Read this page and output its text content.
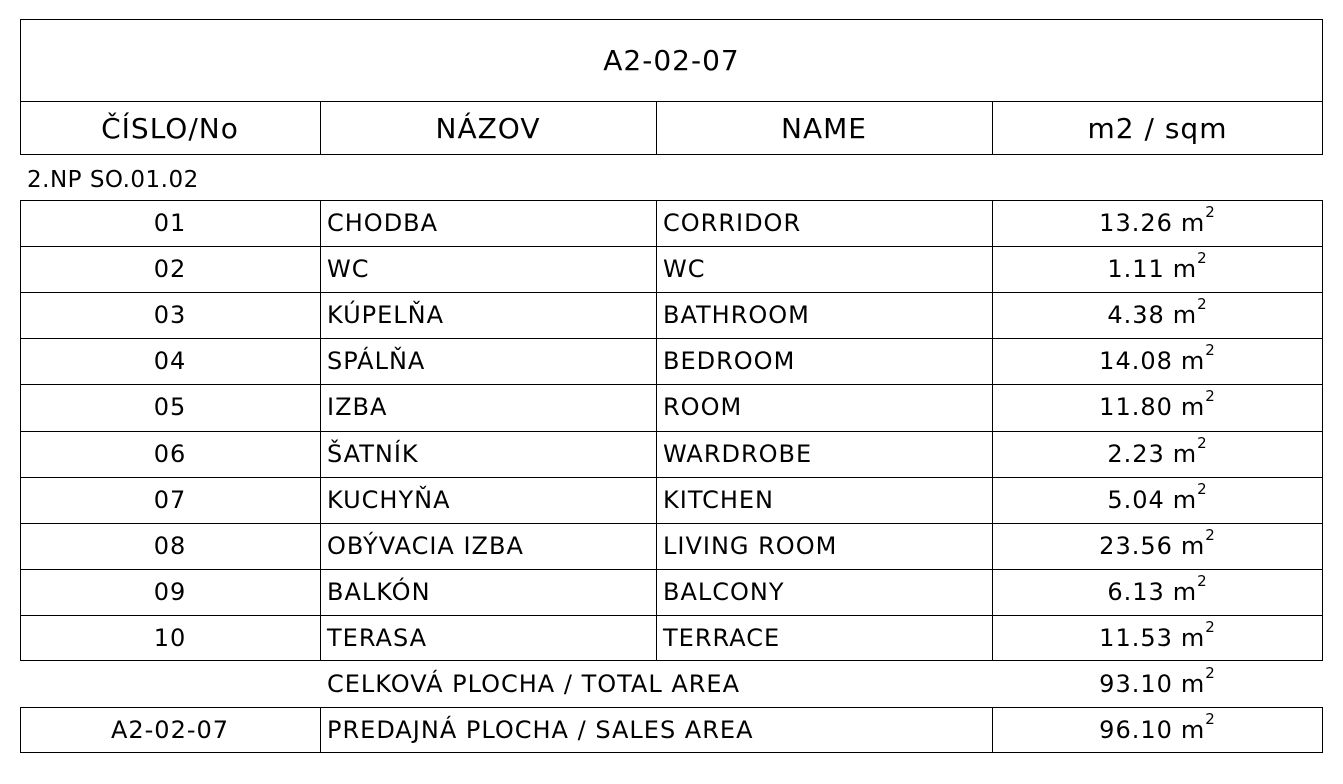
A2-02-07
ČÍSLO/No	NÁZOV	NAME	m2 / sqm
2.NP SO.01.02
01	CHODBA	CORRIDOR	13.26 $m^2$
02	WC	WC	1.11 $m^2$
03	KÚPELŇA	BATHROOM	4.38 $m^2$
04	SPÁLŇA	BEDROOM	14.08 $m^2$
05	IZBA	ROOM	11.80 $m^2$
06	ŠATNÍK	WARDROBE	2.23 $m^2$
07	KUCHYŇA	KITCHEN	5.04 $m^2$
08	OBÝVACIA IZBA	LIVING ROOM	23.56 $m^2$
09	BALKÓN	BALCONY	6.13 $m^2$
10	TERASA	TERRACE	11.53 $m^2$
CELKOVÁ PLOCHA / TOTAL AREA	93.10 $m^2$
A2-02-07	PREDAJNÁ PLOCHA / SALES AREA	96.10 $m^2$
